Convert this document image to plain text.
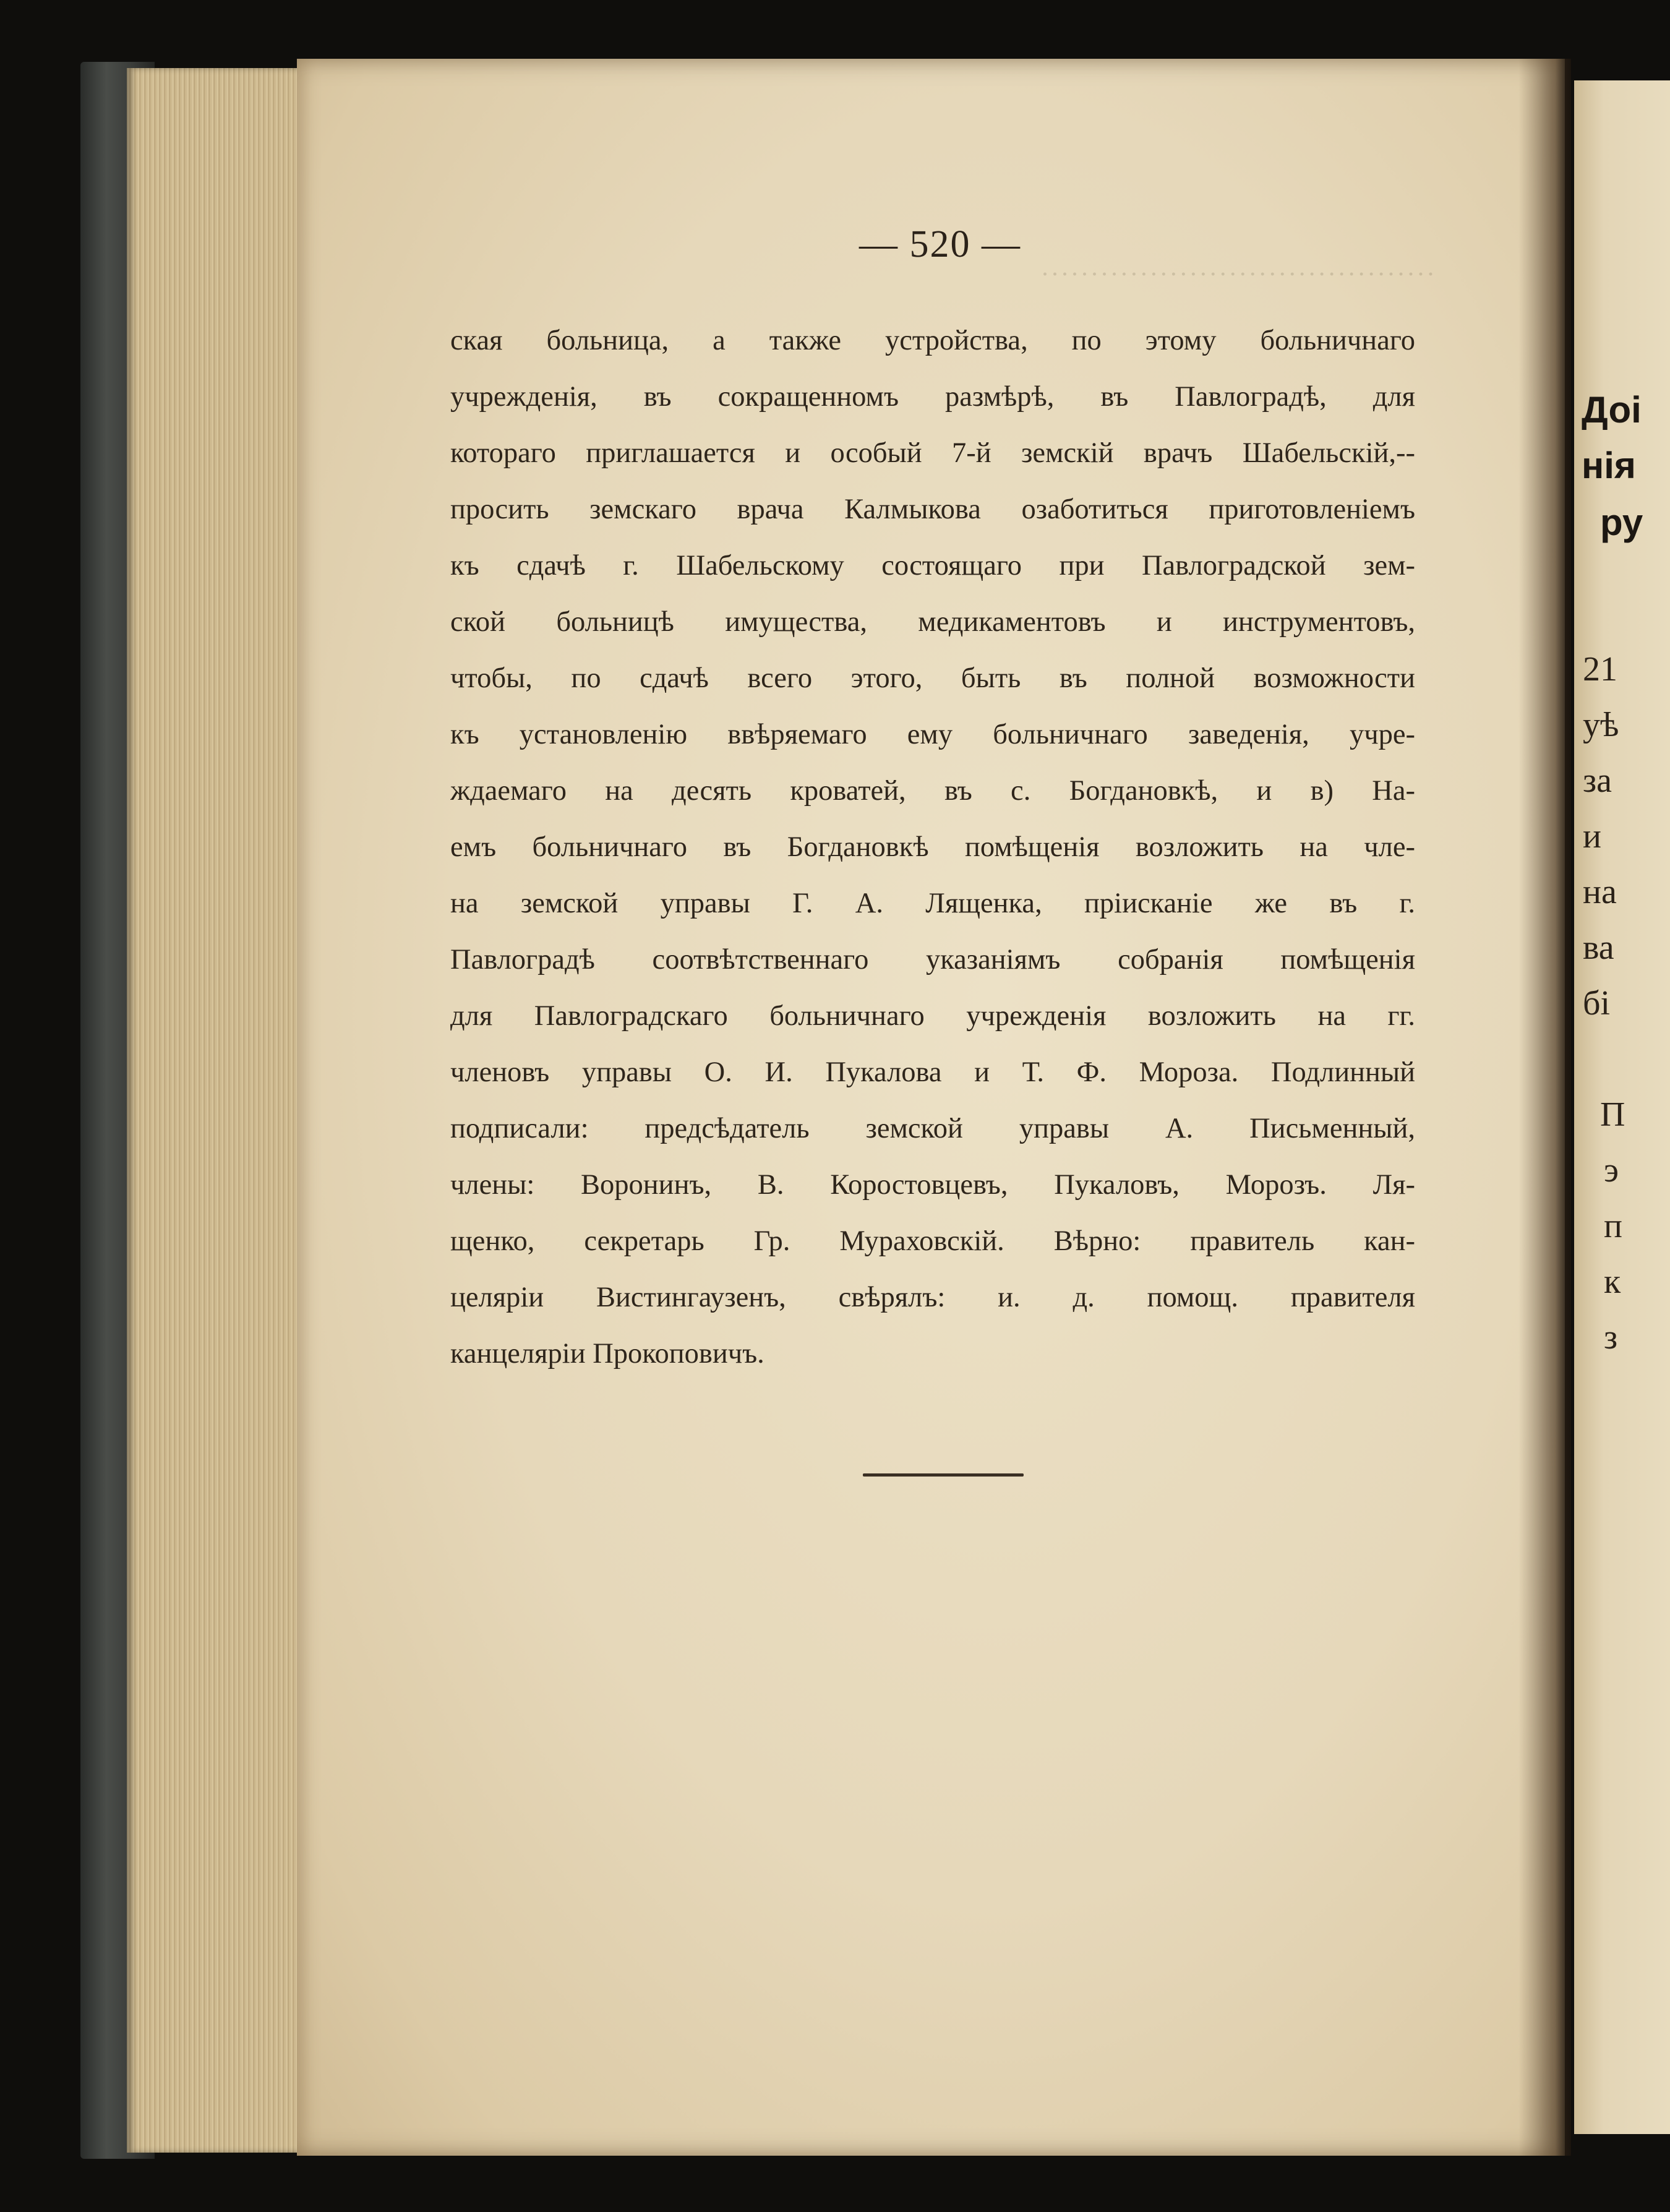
········································
— 520 —
ская больница, а также устройства, по этому больничнаго
учрежденія, въ сокращенномъ размѣрѣ, въ Павлоградѣ, для
котораго приглашается и особый 7-й земскій врачъ Шабельскій,--
просить земскаго врача Калмыкова озаботиться приготовленіемъ
къ сдачѣ г. Шабельскому состоящаго при Павлоградской зем-
ской больницѣ имущества, медикаментовъ и инструментовъ,
чтобы, по сдачѣ всего этого, быть въ полной возможности
къ установленію ввѣряемаго ему больничнаго заведенія, учре-
ждаемаго на десять кроватей, въ с. Богдановкѣ, и в) На-
емъ больничнаго въ Богдановкѣ помѣщенія возложить на чле-
на земской управы Г. А. Лященка, пріисканіе же въ г.
Павлоградѣ соотвѣтственнаго указаніямъ собранія помѣщенія
для Павлоградскаго больничнаго учрежденія возложить на гг.
членовъ управы О. И. Пукалова и Т. Ф. Мороза. Подлинный
подписали: предсѣдатель земской управы А. Письменный,
члены: Воронинъ, В. Коростовцевъ, Пукаловъ, Морозъ. Ля-
щенко, секретарь Гр. Мураховскій. Вѣрно: правитель кан-
целяріи Вистингаузенъ, свѣрялъ: и. д. помощ. правителя
канцеляріи Прокоповичъ.
Доі
нія
ру
21
уѣ
за
и
на
ва
бі
П
э
п
к
з
